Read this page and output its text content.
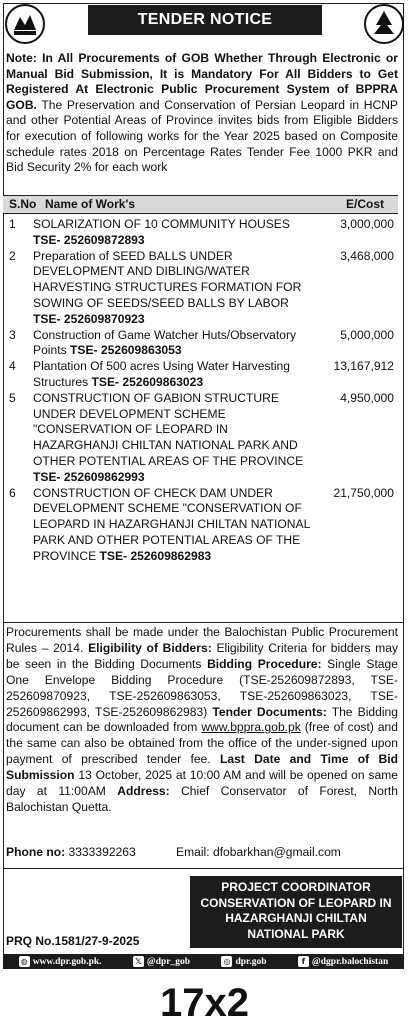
TENDER NOTICE
Note: In All Procurements of GOB Whether Through Electronic or Manual Bid Submission, It is Mandatory For All Bidders to Get Registered At Electronic Public Procurement System of BPPRA GOB. The Preservation and Conservation of Persian Leopard in HCNP and other Potential Areas of Province invites bids from Eligible Bidders for execution of following works for the Year 2025 based on Composite schedule rates 2018 on Percentage Rates Tender Fee 1000 PKR and Bid Security 2% for each work
S.No Name of Work's	E/Cost
1 SOLARIZATION OF 10 COMMUNITY HOUSES TSE- 252609872893
3,000,000
2 Preparation of SEED BALLS UNDER DEVELOPMENT AND DIBLING/WATER HARVESTING STRUCTURES FORMATION FOR SOWING OF SEEDS/SEED BALLS BY LABOR TSE- 252609870923
3,468,000
3 Construction of Game Watcher Huts/Observatory Points TSE- 252609863053
5,000,000
4 Plantation Of 500 acres Using Water Harvesting Structures TSE- 252609863023
13,167,912
5 CONSTRUCTION OF GABION STRUCTURE UNDER DEVELOPMENT SCHEME "CONSERVATION OF LEOPARD IN HAZARGHANJI CHILTAN NATIONAL PARK AND OTHER POTENTIAL AREAS OF THE PROVINCE TSE- 252609862993
4,950,000
6 CONSTRUCTION OF CHECK DAM UNDER DEVELOPMENT SCHEME "CONSERVATION OF LEOPARD IN HAZARGHANJI CHILTAN NATIONAL PARK AND OTHER POTENTIAL AREAS OF THE PROVINCE TSE- 252609862983
21,750,000
Procurements shall be made under the Balochistan Public Procurement Rules – 2014. Eligibility of Bidders: Eligibility Criteria for bidders may be seen in the Bidding Documents Bidding Procedure: Single Stage One Envelope Bidding Procedure (TSE-252609872893, TSE- 252609870923, TSE-252609863053, TSE-252609863023, TSE-252609862993, TSE-252609862983) Tender Documents: The Bidding document can be downloaded from www.bppra.gob.pk (free of cost) and the same can also be obtained from the office of the under-signed upon payment of prescribed tender fee. Last Date and Time of Bid Submission 13 October, 2025 at 10:00 AM and will be opened on same day at 11:00AM Address: Chief Conservator of Forest, North Balochistan Quetta.
Phone no: 3333392263	Email: dfobarkhan@gmail.com
PROJECT COORDINATOR
CONSERVATION OF LEOPARD IN
HAZARGHANJI CHILTAN
NATIONAL PARK
PRQ No.1581/27-9-2025
◍ www.dpr.gob.pk.	𝕏 @dpr_gob	◎ dpr.gob	f @dgpr.balochistan
17x2
